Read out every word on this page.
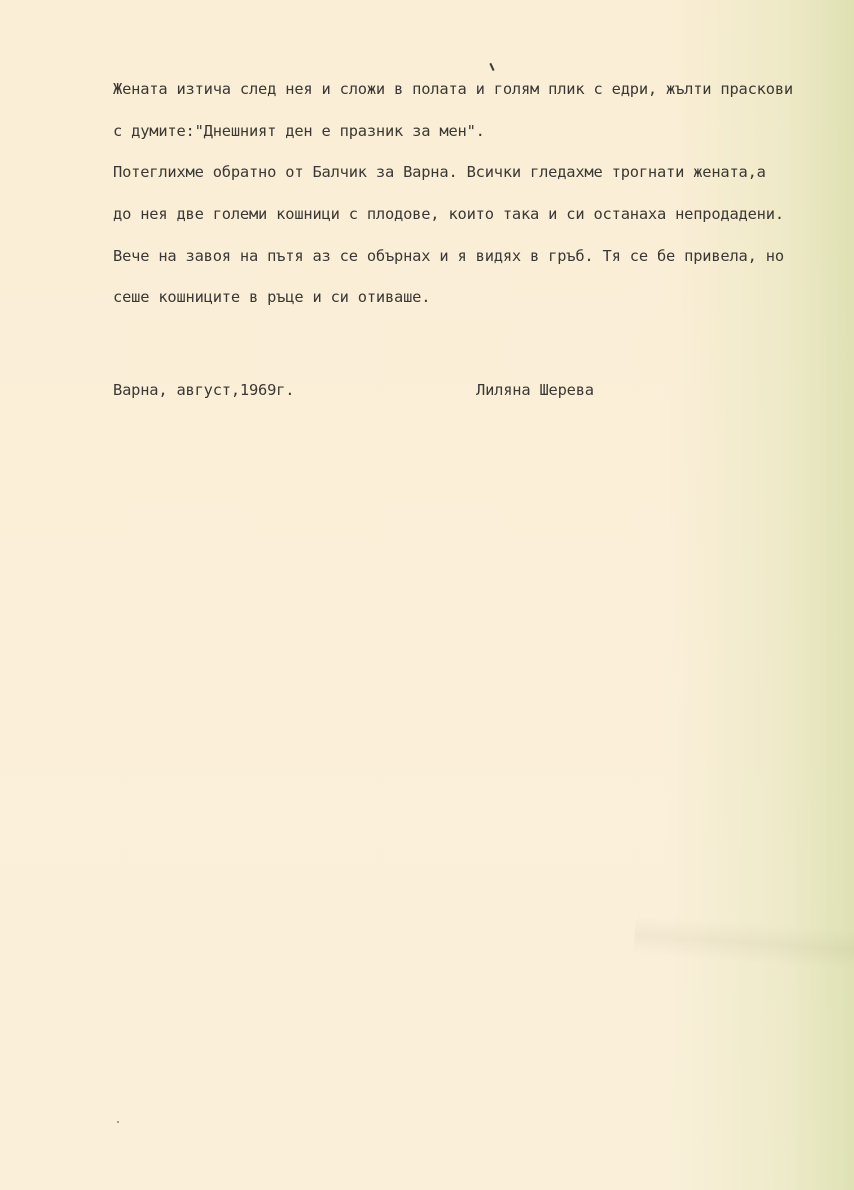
Жената изтича след нея и сложи в полата и голям плик с едри, жълти праскови
с думите:"Днешният ден е празник за мен".
Потеглихме обратно от Балчик за Варна. Всички гледахме трогнати жената,а
до нея две големи кошници с плодове, които така и си останаха непродадени.
Вече на завоя на пътя аз се обърнах и я видях в гръб. Тя се бе привела, но
сеше кошниците в ръце и си отиваше.

Варна, август,1969г.

	Лиляна Шерева
